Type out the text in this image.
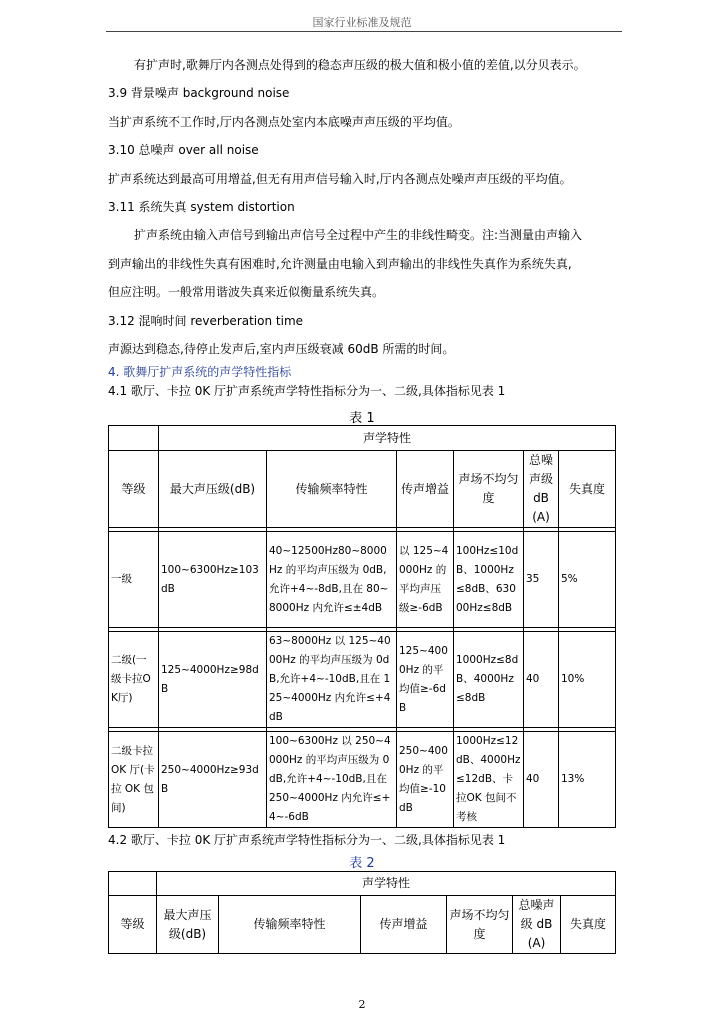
国家行业标准及规范
有扩声时,歌舞厅内各测点处得到的稳态声压级的极大值和极小值的差值,以分贝表示。
3.9 背景噪声 background noise
当扩声系统不工作时,厅内各测点处室内本底噪声声压级的平均值。
3.10 总噪声 over all noise
扩声系统达到最高可用增益,但无有用声信号输入时,厅内各测点处噪声声压级的平均值。
3.11 系统失真 system distortion
扩声系统由输入声信号到输出声信号全过程中产生的非线性畸变。注:当测量由声输入
到声输出的非线性失真有困难时,允许测量由电输入到声输出的非线性失真作为系统失真,
但应注明。一般常用谐波失真来近似衡量系统失真。
3.12 混响时间 reverberation time
声源达到稳态,待停止发声后,室内声压级衰减 60dB 所需的时间。
4. 歌舞厅扩声系统的声学特性指标
4.1 歌厅、卡拉 0K 厅扩声系统声学特性指标分为一、二级,具体指标见表 1
表 1
	声学特性					
等级	最大声压级(dB)	传输频率特性	传声增益	声场不均匀度	总噪声级 dB (A)	失真度

一级	100~6300Hz≥103dB	40~12500Hz80~8000Hz 的平均声压级为 0dB,允许+4~-8dB,且在 80~8000Hz 内允许≤±4dB	以 125~4000Hz 的平均声压级≥-6dB	100Hz≤10dB、1000Hz≤8dB、63000Hz≤8dB	35	5%

二级(一级卡拉OK厅)	125~4000Hz≥98dB	63~8000Hz 以 125~4000Hz 的平均声压级为 0dB,允许+4~-10dB,且在 125~4000Hz 内允许≤+4dB	125~4000Hz 的平均值≥-6dB	1000Hz≤8dB、4000Hz≤8dB	40	10%

二级卡拉OK 厅(卡拉 OK 包间)	250~4000Hz≥93dB	100~6300Hz 以 250~4000Hz 的平均声压级为 0dB,允许+4~-10dB,且在 250~4000Hz 内允许≤+4~-6dB	250~4000Hz 的平均值≥-10dB	1000Hz≤12dB、4000Hz≤12dB、卡拉OK 包间不考核	40	13%
4.2 歌厅、卡拉 0K 厅扩声系统声学特性指标分为一、二级,具体指标见表 1
表 2
	声学特性					
等级	最大声压级(dB)	传输频率特性	传声增益	声场不均匀度	总噪声级 dB(A)	失真度
2
